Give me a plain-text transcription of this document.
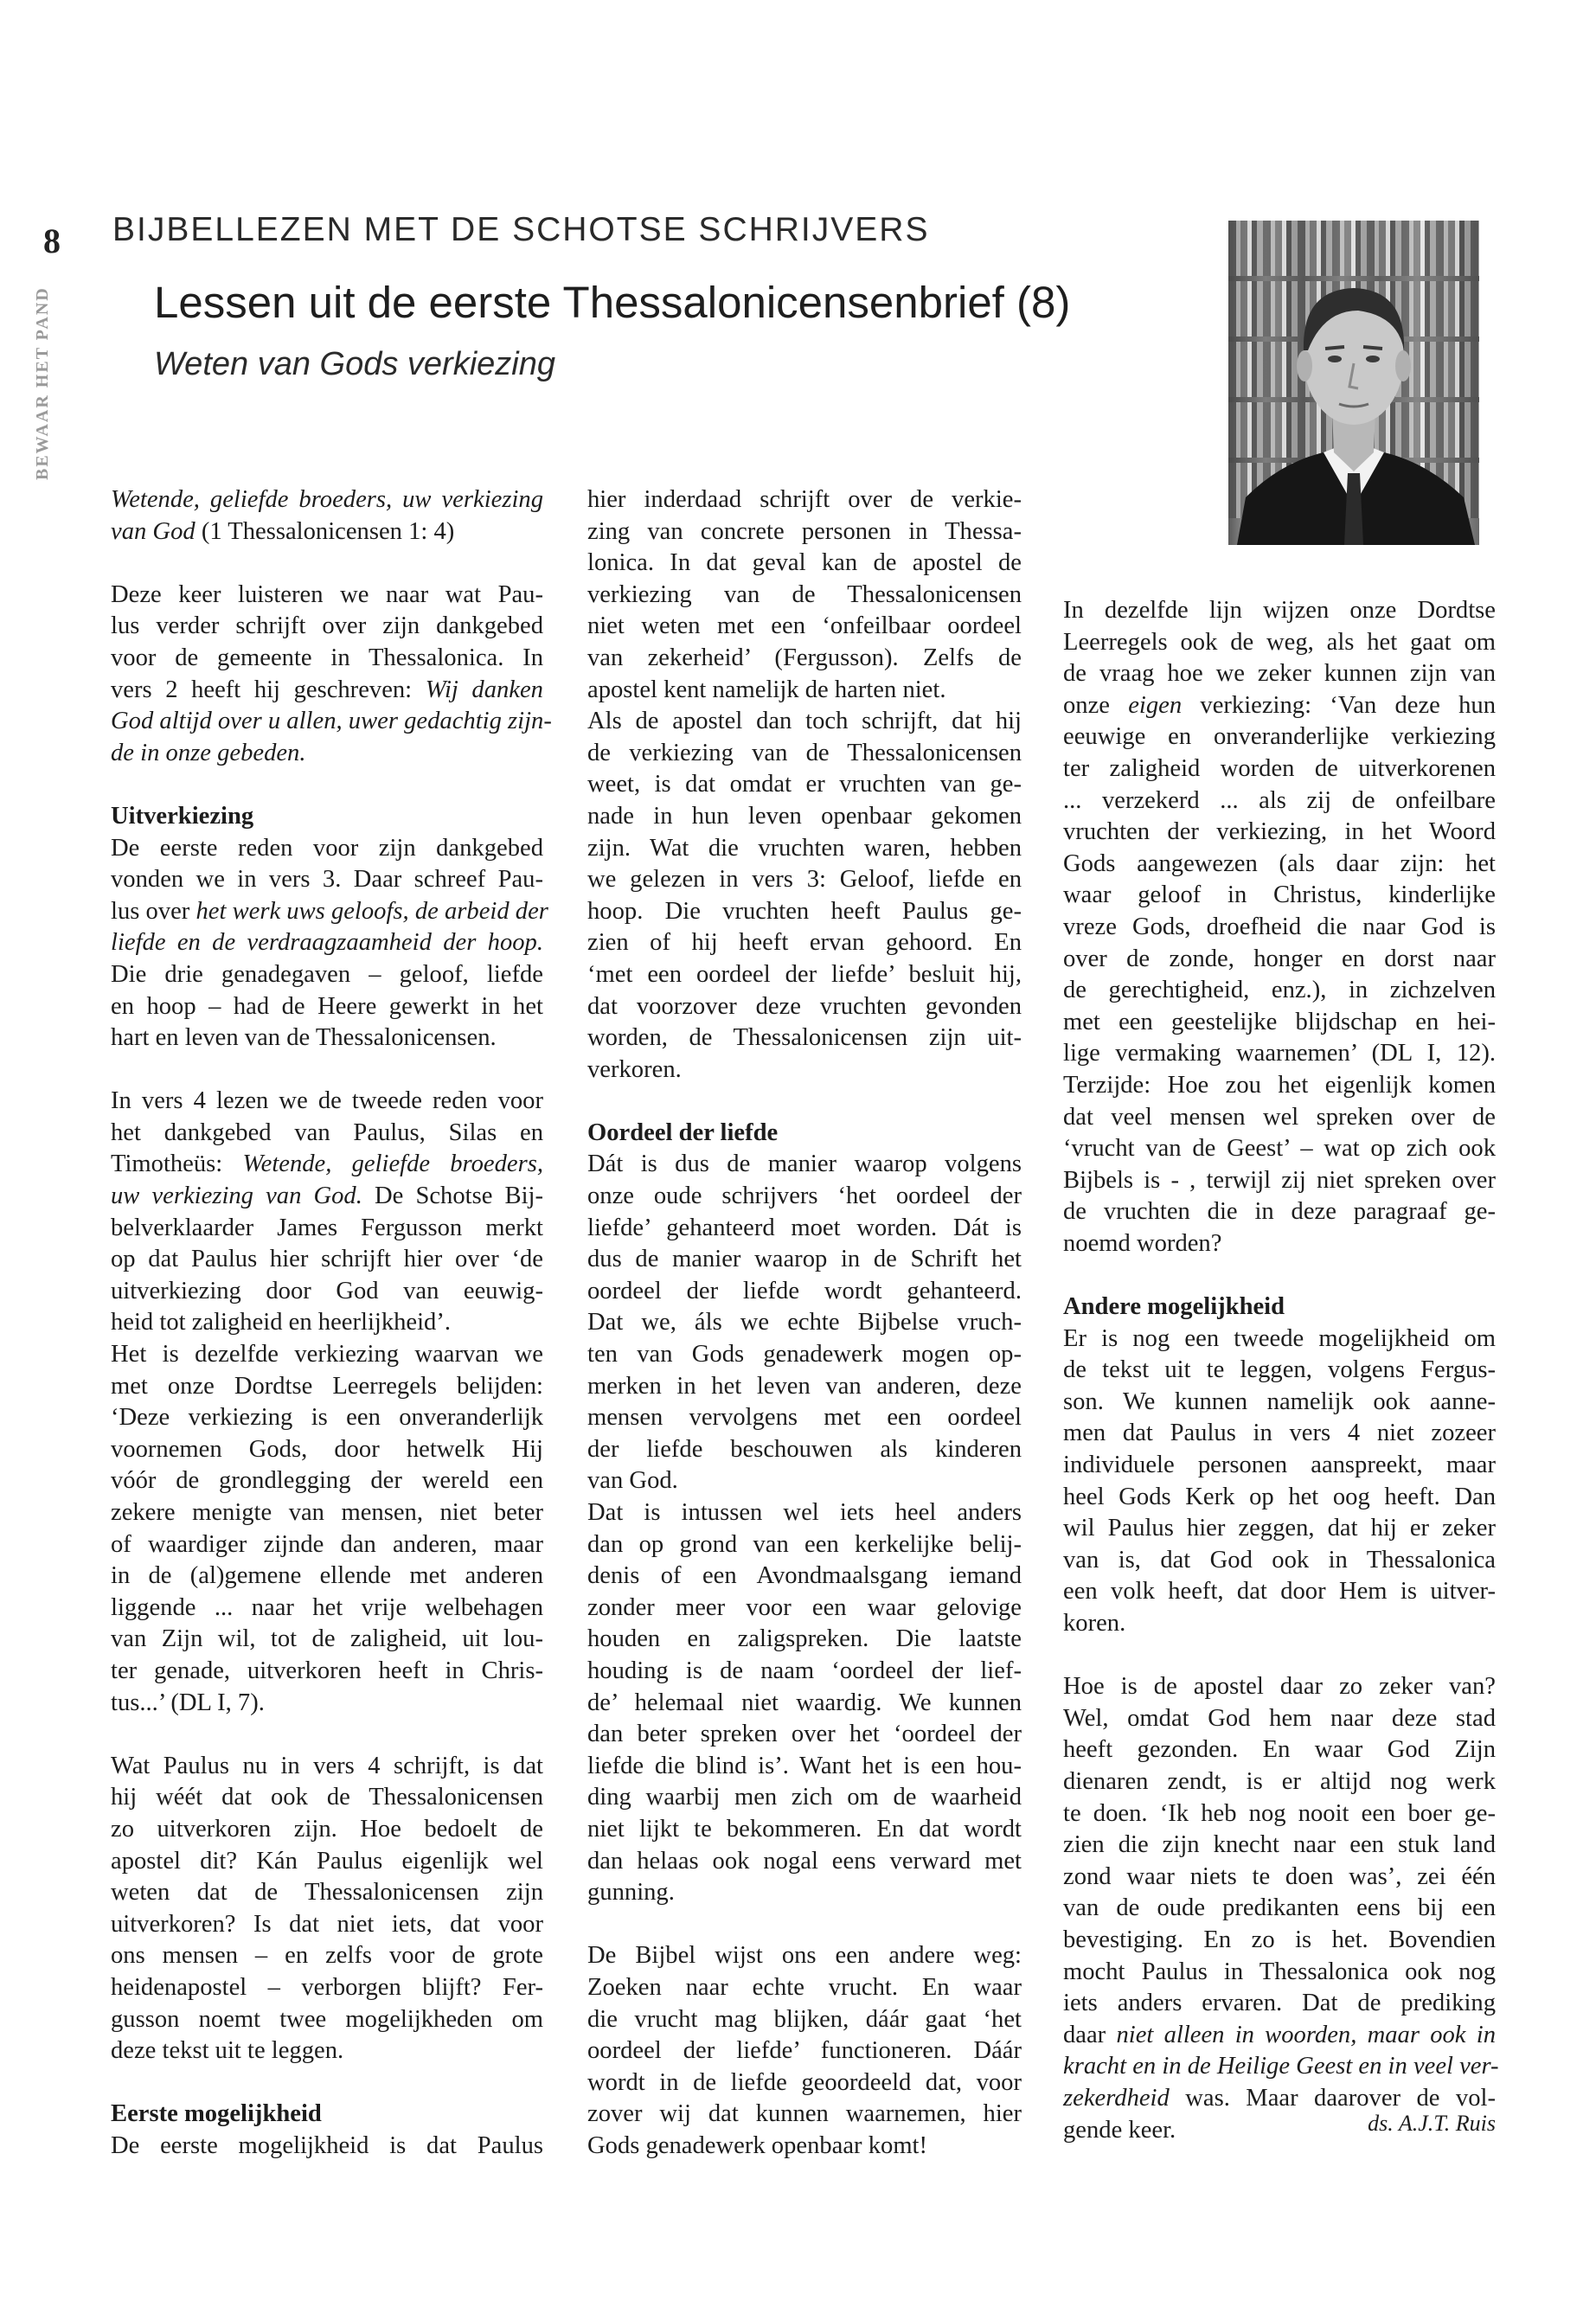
8
BEWAAR HET PAND
BIJBELLEZEN MET DE SCHOTSE SCHRIJVERS
Lessen uit de eerste Thessalonicensenbrief (8)
Weten van Gods verkiezing
Wetende, geliefde broeders, uw verkiezing
van God (1 Thessalonicensen 1: 4)
Deze keer luisteren we naar wat Pau-
lus verder schrijft over zijn dankgebed
voor de gemeente in Thessalonica. In
vers 2 heeft hij geschreven: Wij danken
God altijd over u allen, uwer gedachtig zijn-
de in onze gebeden.
Uitverkiezing
De eerste reden voor zijn dankgebed
vonden we in vers 3. Daar schreef Pau-
lus over het werk uws geloofs, de arbeid der
liefde en de verdraagzaamheid der hoop.
Die drie genadegaven – geloof, liefde
en hoop – had de Heere gewerkt in het
hart en leven van de Thessalonicensen.
In vers 4 lezen we de tweede reden voor
het dankgebed van Paulus, Silas en
Timotheüs: Wetende, geliefde broeders,
uw verkiezing van God. De Schotse Bij-
belverklaarder James Fergusson merkt
op dat Paulus hier schrijft hier over ‘de
uitverkiezing door God van eeuwig-
heid tot zaligheid en heerlijkheid’.
Het is dezelfde verkiezing waarvan we
met onze Dordtse Leerregels belijden:
‘Deze verkiezing is een onveranderlijk
voornemen Gods, door hetwelk Hij
vóór de grondlegging der wereld een
zekere menigte van mensen, niet beter
of waardiger zijnde dan anderen, maar
in de (al)gemene ellende met anderen
liggende ... naar het vrije welbehagen
van Zijn wil, tot de zaligheid, uit lou-
ter genade, uitverkoren heeft in Chris-
tus...’ (DL I, 7).
Wat Paulus nu in vers 4 schrijft, is dat
hij wéét dat ook de Thessalonicensen
zo uitverkoren zijn. Hoe bedoelt de
apostel dit? Kán Paulus eigenlijk wel
weten dat de Thessalonicensen zijn
uitverkoren? Is dat niet iets, dat voor
ons mensen – en zelfs voor de grote
heidenapostel – verborgen blijft? Fer-
gusson noemt twee mogelijkheden om
deze tekst uit te leggen.
Eerste mogelijkheid
De eerste mogelijkheid is dat Paulus
hier inderdaad schrijft over de verkie-
zing van concrete personen in Thessa-
lonica. In dat geval kan de apostel de
verkiezing van de Thessalonicensen
niet weten met een ‘onfeilbaar oordeel
van zekerheid’ (Fergusson). Zelfs de
apostel kent namelijk de harten niet.
Als de apostel dan toch schrijft, dat hij
de verkiezing van de Thessalonicensen
weet, is dat omdat er vruchten van ge-
nade in hun leven openbaar gekomen
zijn. Wat die vruchten waren, hebben
we gelezen in vers 3: Geloof, liefde en
hoop. Die vruchten heeft Paulus ge-
zien of hij heeft ervan gehoord. En
‘met een oordeel der liefde’ besluit hij,
dat voorzover deze vruchten gevonden
worden, de Thessalonicensen zijn uit-
verkoren.
Oordeel der liefde
Dát is dus de manier waarop volgens
onze oude schrijvers ‘het oordeel der
liefde’ gehanteerd moet worden. Dát is
dus de manier waarop in de Schrift het
oordeel der liefde wordt gehanteerd.
Dat we, áls we echte Bijbelse vruch-
ten van Gods genadewerk mogen op-
merken in het leven van anderen, deze
mensen vervolgens met een oordeel
der liefde beschouwen als kinderen
van God.
Dat is intussen wel iets heel anders
dan op grond van een kerkelijke belij-
denis of een Avondmaalsgang iemand
zonder meer voor een waar gelovige
houden en zaligspreken. Die laatste
houding is de naam ‘oordeel der lief-
de’ helemaal niet waardig. We kunnen
dan beter spreken over het ‘oordeel der
liefde die blind is’. Want het is een hou-
ding waarbij men zich om de waarheid
niet lijkt te bekommeren. En dat wordt
dan helaas ook nogal eens verward met
gunning.
De Bijbel wijst ons een andere weg:
Zoeken naar echte vrucht. En waar
die vrucht mag blijken, dáár gaat ‘het
oordeel der liefde’ functioneren. Dáár
wordt in de liefde geoordeeld dat, voor
zover wij dat kunnen waarnemen, hier
Gods genadewerk openbaar komt!
In dezelfde lijn wijzen onze Dordtse
Leerregels ook de weg, als het gaat om
de vraag hoe we zeker kunnen zijn van
onze eigen verkiezing: ‘Van deze hun
eeuwige en onveranderlijke verkiezing
ter zaligheid worden de uitverkorenen
... verzekerd ... als zij de onfeilbare
vruchten der verkiezing, in het Woord
Gods aangewezen (als daar zijn: het
waar geloof in Christus, kinderlijke
vreze Gods, droefheid die naar God is
over de zonde, honger en dorst naar
de gerechtigheid, enz.), in zichzelven
met een geestelijke blijdschap en hei-
lige vermaking waarnemen’ (DL I, 12).
Terzijde: Hoe zou het eigenlijk komen
dat veel mensen wel spreken over de
‘vrucht van de Geest’ – wat op zich ook
Bijbels is - , terwijl zij niet spreken over
de vruchten die in deze paragraaf ge-
noemd worden?
Andere mogelijkheid
Er is nog een tweede mogelijkheid om
de tekst uit te leggen, volgens Fergus-
son. We kunnen namelijk ook aanne-
men dat Paulus in vers 4 niet zozeer
individuele personen aanspreekt, maar
heel Gods Kerk op het oog heeft. Dan
wil Paulus hier zeggen, dat hij er zeker
van is, dat God ook in Thessalonica
een volk heeft, dat door Hem is uitver-
koren.
Hoe is de apostel daar zo zeker van?
Wel, omdat God hem naar deze stad
heeft gezonden. En waar God Zijn
dienaren zendt, is er altijd nog werk
te doen. ‘Ik heb nog nooit een boer ge-
zien die zijn knecht naar een stuk land
zond waar niets te doen was’, zei één
van de oude predikanten eens bij een
bevestiging. En zo is het. Bovendien
mocht Paulus in Thessalonica ook nog
iets anders ervaren. Dat de prediking
daar niet alleen in woorden, maar ook in
kracht en in de Heilige Geest en in veel ver-
zekerdheid was. Maar daarover de vol-
gende keer.	ds. A.J.T. Ruis
